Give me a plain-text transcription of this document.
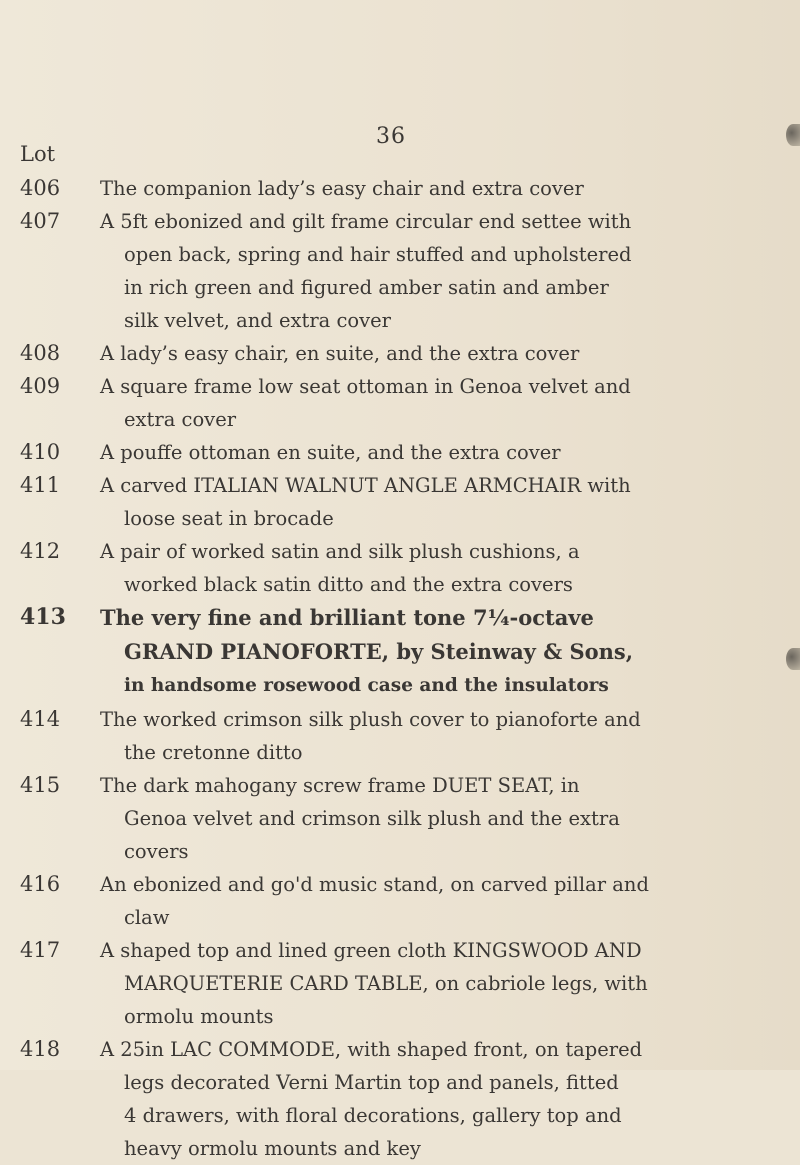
36
Lot
406	The companion lady’s easy chair and extra cover
407	A 5ft ebonized and gilt frame circular end settee with
open back, spring and hair stuffed and upholstered
in rich green and figured amber satin and amber
silk velvet, and extra cover
408	A lady’s easy chair, en suite, and the extra cover
409	A square frame low seat ottoman in Genoa velvet and
extra cover
410	A pouffe ottoman en suite, and the extra cover
411	A carved ITALIAN WALNUT ANGLE ARMCHAIR with
loose seat in brocade
412	A pair of worked satin and silk plush cushions, a
worked black satin ditto and the extra covers
413	The very fine and brilliant tone 7¼-octave
GRAND PIANOFORTE, by Steinway & Sons,
in handsome rosewood case and the insulators
414	The worked crimson silk plush cover to pianoforte and
the cretonne ditto
415	The dark mahogany screw frame DUET SEAT, in
Genoa velvet and crimson silk plush and the extra
covers
416	An ebonized and go'd music stand, on carved pillar and
claw
417	A shaped top and lined green cloth KINGSWOOD AND
MARQUETERIE CARD TABLE, on cabriole legs, with
ormolu mounts
418	A 25in LAC COMMODE, with shaped front, on tapered
legs decorated Verni Martin top and panels, fitted
4 drawers, with floral decorations, gallery top and
heavy ormolu mounts and key
